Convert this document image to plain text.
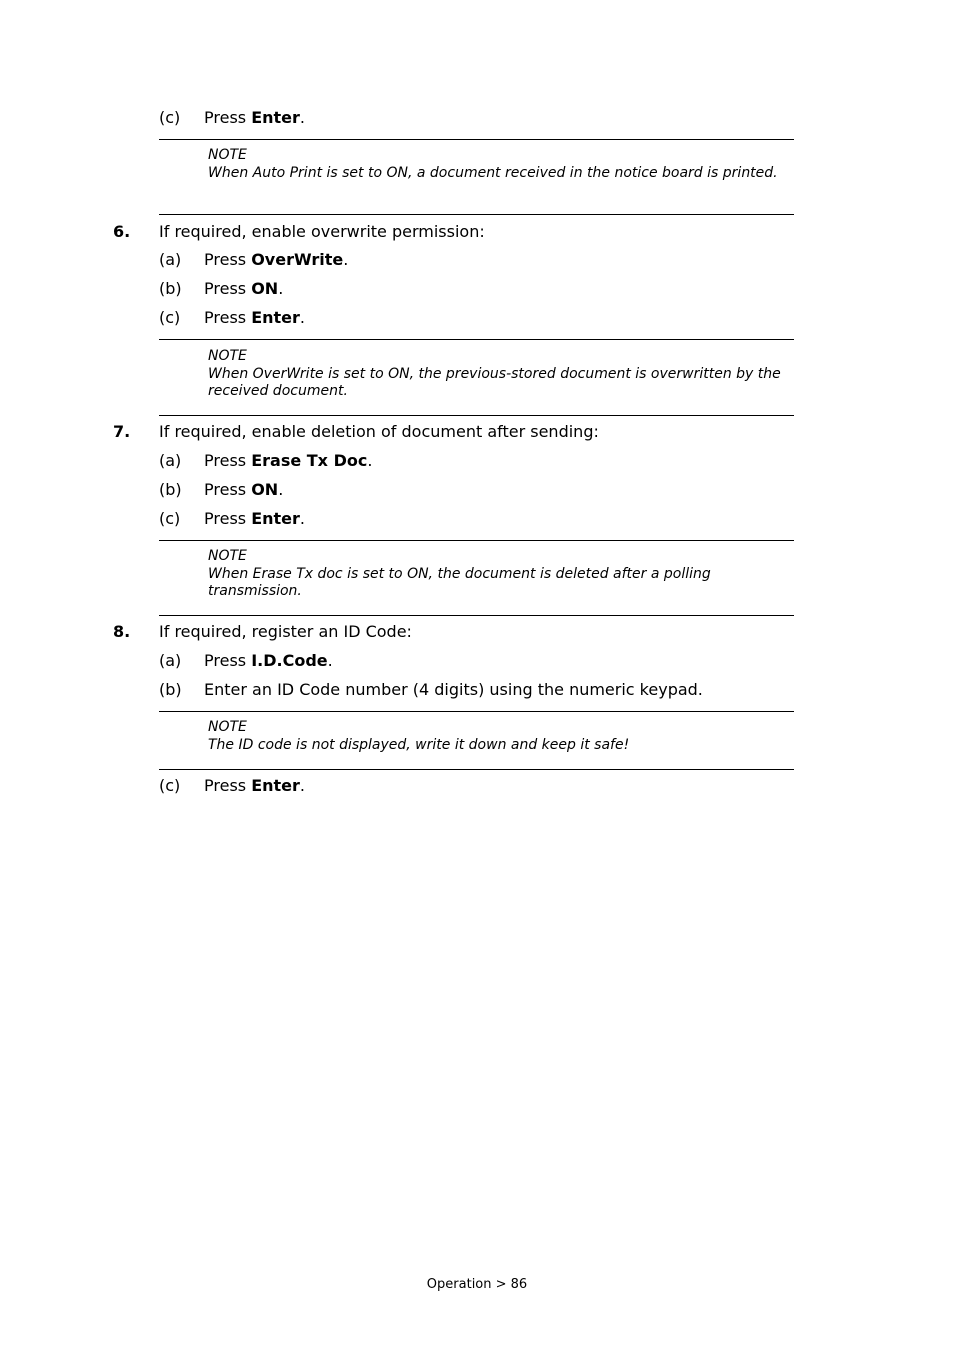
(c) Press Enter.
NOTE
When Auto Print is set to ON, a document received in the notice board is printed.
6. If required, enable overwrite permission:
(a) Press OverWrite.
(b) Press ON.
(c) Press Enter.
NOTE
When OverWrite is set to ON, the previous-stored document is overwritten by the received document.
7. If required, enable deletion of document after sending:
(a) Press Erase Tx Doc.
(b) Press ON.
(c) Press Enter.
NOTE
When Erase Tx doc is set to ON, the document is deleted after a polling transmission.
8. If required, register an ID Code:
(a) Press I.D.Code.
(b) Enter an ID Code number (4 digits) using the numeric keypad.
NOTE
The ID code is not displayed, write it down and keep it safe!
(c) Press Enter.
Operation > 86
